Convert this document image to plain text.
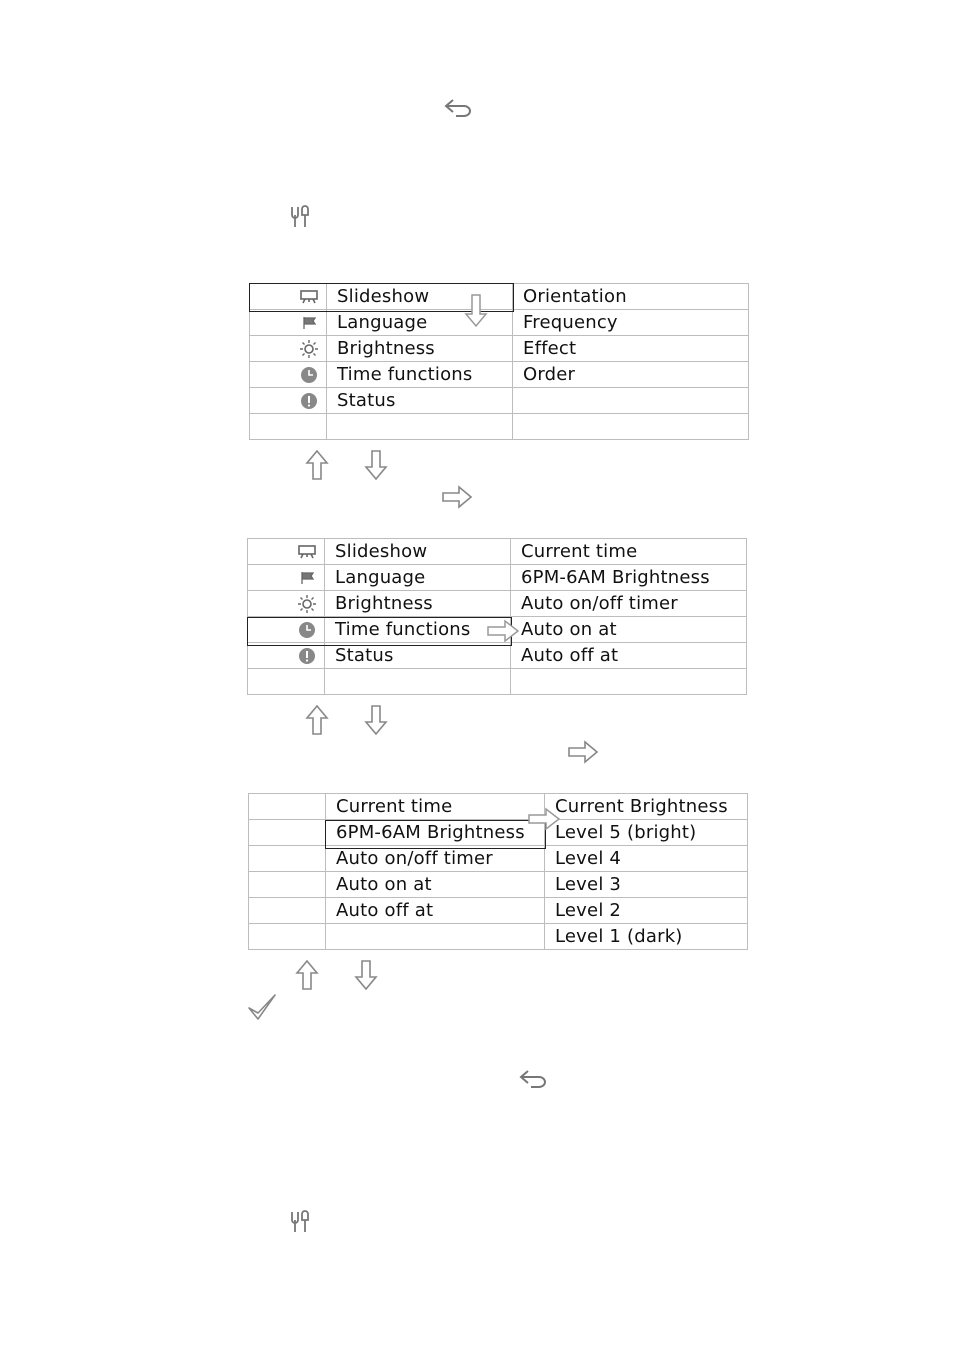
	Slideshow	Orientation
	Language	Frequency
	Brightness	Effect
	Time functions	Order
	Status	

	Slideshow	Current time
	Language	6PM-6AM Brightness
	Brightness	Auto on/off timer
	Time functions	Auto on at
	Status	Auto off at

	Current time	Current Brightness
	6PM-6AM Brightness	Level 5 (bright)
	Auto on/off timer	Level 4
	Auto on at	Level 3
	Auto off at	Level 2
		Level 1 (dark)
